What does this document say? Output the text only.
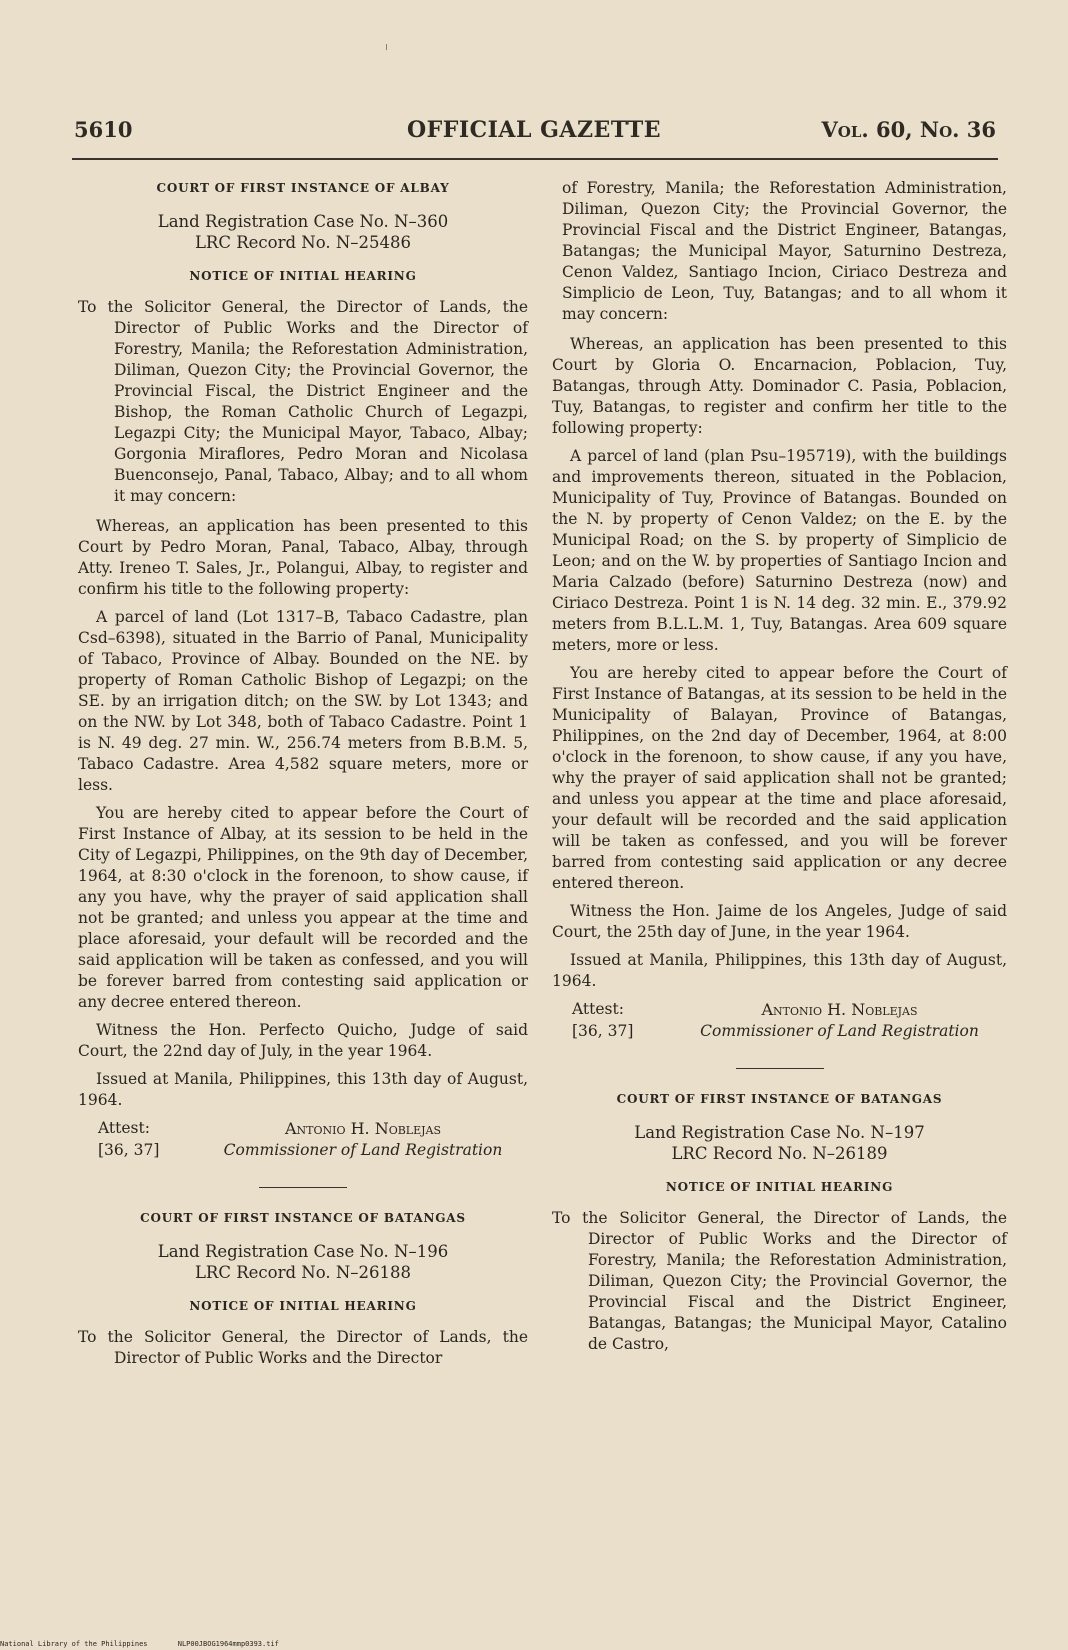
5610	OFFICIAL GAZETTE	Vol. 60, No. 36
COURT OF FIRST INSTANCE OF ALBAY
Land Registration Case No. N–360
LRC Record No. N–25486
NOTICE OF INITIAL HEARING

To the Solicitor General, the Director of Lands, the Director of Public Works and the Director of Forestry, Manila; the Reforestation Administration, Diliman, Quezon City; the Provincial Governor, the Provincial Fiscal, the District Engineer and the Bishop, the Roman Catholic Church of Legazpi, Legazpi City; the Municipal Mayor, Tabaco, Albay; Gorgonia Miraflores, Pedro Moran and Nicolasa Buenconsejo, Panal, Tabaco, Albay; and to all whom it may concern:

Whereas, an application has been presented to this Court by Pedro Moran, Panal, Tabaco, Albay, through Atty. Ireneo T. Sales, Jr., Polangui, Albay, to register and confirm his title to the following property:

A parcel of land (Lot 1317–B, Tabaco Cadastre, plan Csd–6398), situated in the Barrio of Panal, Municipality of Tabaco, Province of Albay. Bounded on the NE. by property of Roman Catholic Bishop of Legazpi; on the SE. by an irrigation ditch; on the SW. by Lot 1343; and on the NW. by Lot 348, both of Tabaco Cadastre. Point 1 is N. 49 deg. 27 min. W., 256.74 meters from B.B.M. 5, Tabaco Cadastre. Area 4,582 square meters, more or less.

You are hereby cited to appear before the Court of First Instance of Albay, at its session to be held in the City of Legazpi, Philippines, on the 9th day of December, 1964, at 8:30 o'clock in the forenoon, to show cause, if any you have, why the prayer of said application shall not be granted; and unless you appear at the time and place aforesaid, your default will be recorded and the said application will be taken as confessed, and you will be forever barred from contesting said application or any decree entered thereon.

Witness the Hon. Perfecto Quicho, Judge of said Court, the 22nd day of July, in the year 1964.

Issued at Manila, Philippines, this 13th day of August, 1964.

Attest:	Antonio H. Noblejas
[36, 37]	Commissioner of Land Registration
COURT OF FIRST INSTANCE OF BATANGAS
Land Registration Case No. N–196
LRC Record No. N–26188
NOTICE OF INITIAL HEARING

To the Solicitor General, the Director of Lands, the Director of Public Works and the Director

of Forestry, Manila; the Reforestation Administration, Diliman, Quezon City; the Provincial Governor, the Provincial Fiscal and the District Engineer, Batangas, Batangas; the Municipal Mayor, Saturnino Destreza, Cenon Valdez, Santiago Incion, Ciriaco Destreza and Simplicio de Leon, Tuy, Batangas; and to all whom it may concern:

Whereas, an application has been presented to this Court by Gloria O. Encarnacion, Poblacion, Tuy, Batangas, through Atty. Dominador C. Pasia, Poblacion, Tuy, Batangas, to register and confirm her title to the following property:

A parcel of land (plan Psu–195719), with the buildings and improvements thereon, situated in the Poblacion, Municipality of Tuy, Province of Batangas. Bounded on the N. by property of Cenon Valdez; on the E. by the Municipal Road; on the S. by property of Simplicio de Leon; and on the W. by properties of Santiago Incion and Maria Calzado (before) Saturnino Destreza (now) and Ciriaco Destreza. Point 1 is N. 14 deg. 32 min. E., 379.92 meters from B.L.L.M. 1, Tuy, Batangas. Area 609 square meters, more or less.

You are hereby cited to appear before the Court of First Instance of Batangas, at its session to be held in the Municipality of Balayan, Province of Batangas, Philippines, on the 2nd day of December, 1964, at 8:00 o'clock in the forenoon, to show cause, if any you have, why the prayer of said application shall not be granted; and unless you appear at the time and place aforesaid, your default will be recorded and the said application will be taken as confessed, and you will be forever barred from contesting said application or any decree entered thereon.

Witness the Hon. Jaime de los Angeles, Judge of said Court, the 25th day of June, in the year 1964.

Issued at Manila, Philippines, this 13th day of August, 1964.

Attest:	Antonio H. Noblejas
[36, 37]	Commissioner of Land Registration
COURT OF FIRST INSTANCE OF BATANGAS
Land Registration Case No. N–197
LRC Record No. N–26189
NOTICE OF INITIAL HEARING

To the Solicitor General, the Director of Lands, the Director of Public Works and the Director of Forestry, Manila; the Reforestation Administration, Diliman, Quezon City; the Provincial Governor, the Provincial Fiscal and the District Engineer, Batangas, Batangas; the Municipal Mayor, Catalino de Castro,

National Library of the Philippines	NLP00JBOG1964mmp0393.tif
